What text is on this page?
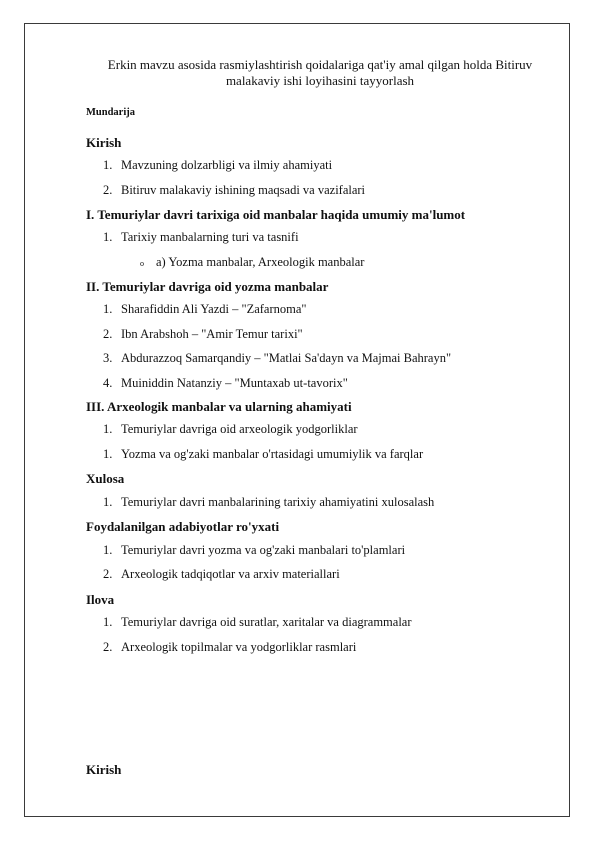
Erkin mavzu asosida rasmiylashtirish qoidalariga qat'iy amal qilgan holda Bitiruv malakaviy ishi loyihasini tayyorlash
Mundarija
Kirish
1. Mavzuning dolzarbligi va ilmiy ahamiyati
2. Bitiruv malakaviy ishining maqsadi va vazifalari
I. Temuriylar davri tarixiga oid manbalar haqida umumiy ma'lumot
1. Tarixiy manbalarning turi va tasnifi
o a) Yozma manbalar, Arxeologik manbalar
II. Temuriylar davriga oid yozma manbalar
1. Sharafiddin Ali Yazdi – "Zafarnoma"
2. Ibn Arabshoh – "Amir Temur tarixi"
3. Abdurazzoq Samarqandiy – "Matlai Sa'dayn va Majmai Bahrayn"
4. Muiniddin Natanziy – "Muntaxab ut-tavorix"
III. Arxeologik manbalar va ularning ahamiyati
1. Temuriylar davriga oid arxeologik yodgorliklar
1. Yozma va og'zaki manbalar o'rtasidagi umumiylik va farqlar
Xulosa
1. Temuriylar davri manbalarining tarixiy ahamiyatini xulosalash
Foydalanilgan adabiyotlar ro'yxati
1. Temuriylar davri yozma va og'zaki manbalari to'plamlari
2. Arxeologik tadqiqotlar va arxiv materiallari
Ilova
1. Temuriylar davriga oid suratlar, xaritalar va diagrammalar
2. Arxeologik topilmalar va yodgorliklar rasmlari
Kirish
